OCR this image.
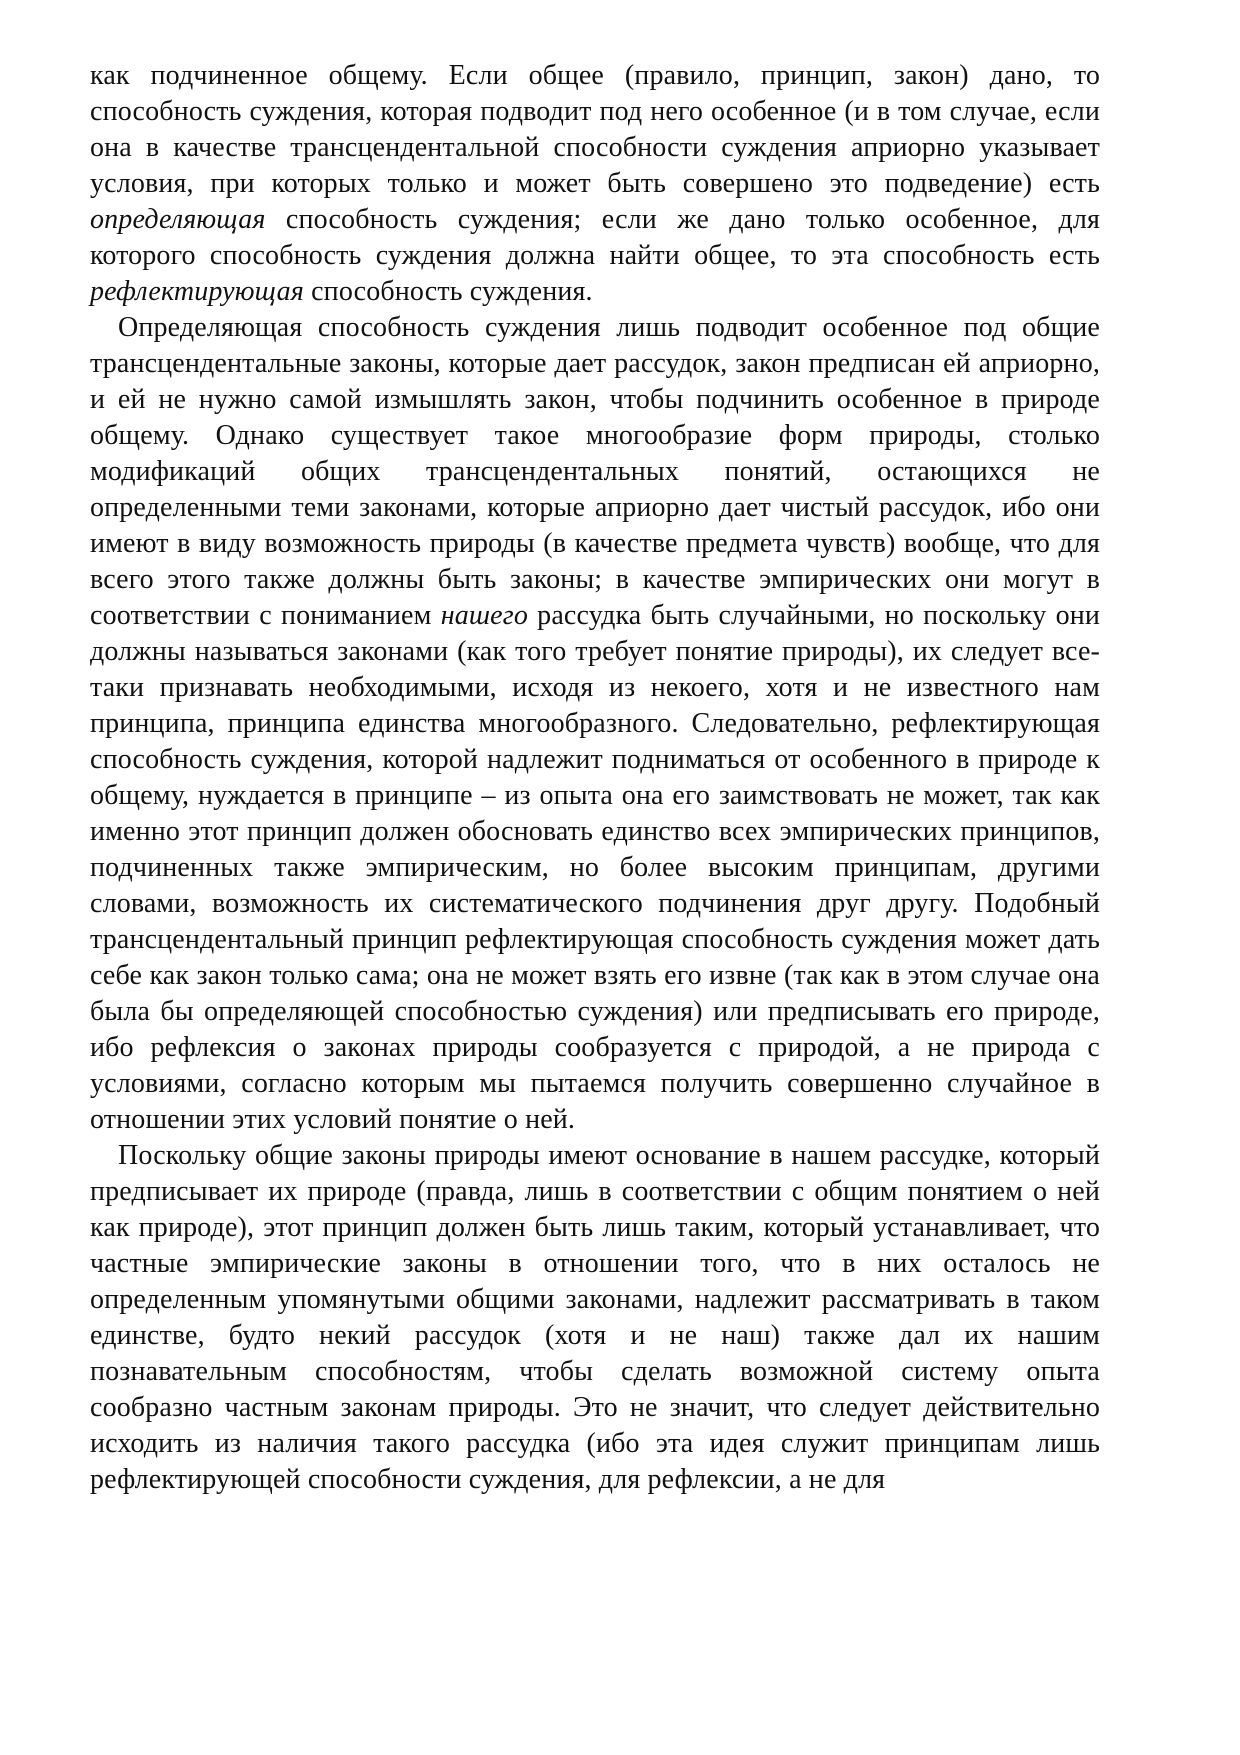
как подчиненное общему. Если общее (правило, принцип, закон) дано, то способность суждения, которая подводит под него особенное (и в том случае, если она в качестве трансцендентальной способности суждения априорно указывает условия, при которых только и может быть совершено это подведение) есть определяющая способность суждения; если же дано только особенное, для которого способность суждения должна найти общее, то эта способность есть рефлектирующая способность суждения.

Определяющая способность суждения лишь подводит особенное под общие трансцендентальные законы, которые дает рассудок, закон предписан ей априорно, и ей не нужно самой измышлять закон, чтобы подчинить особенное в природе общему. Однако существует такое многообразие форм природы, столько модификаций общих трансцендентальных понятий, остающихся не определенными теми законами, которые априорно дает чистый рассудок, ибо они имеют в виду возможность природы (в качестве предмета чувств) вообще, что для всего этого также должны быть законы; в качестве эмпирических они могут в соответствии с пониманием нашего рассудка быть случайными, но поскольку они должны называться законами (как того требует понятие природы), их следует все-таки признавать необходимыми, исходя из некоего, хотя и не известного нам принципа, принципа единства многообразного. Следовательно, рефлектирующая способность суждения, которой надлежит подниматься от особенного в природе к общему, нуждается в принципе – из опыта она его заимствовать не может, так как именно этот принцип должен обосновать единство всех эмпирических принципов, подчиненных также эмпирическим, но более высоким принципам, другими словами, возможность их систематического подчинения друг другу. Подобный трансцендентальный принцип рефлектирующая способность суждения может дать себе как закон только сама; она не может взять его извне (так как в этом случае она была бы определяющей способностью суждения) или предписывать его природе, ибо рефлексия о законах природы сообразуется с природой, а не природа с условиями, согласно которым мы пытаемся получить совершенно случайное в отношении этих условий понятие о ней.

Поскольку общие законы природы имеют основание в нашем рассудке, который предписывает их природе (правда, лишь в соответствии с общим понятием о ней как природе), этот принцип должен быть лишь таким, который устанавливает, что частные эмпирические законы в отношении того, что в них осталось не определенным упомянутыми общими законами, надлежит рассматривать в таком единстве, будто некий рассудок (хотя и не наш) также дал их нашим познавательным способностям, чтобы сделать возможной систему опыта сообразно частным законам природы. Это не значит, что следует действительно исходить из наличия такого рассудка (ибо эта идея служит принципам лишь рефлектирующей способности суждения, для рефлексии, а не для
